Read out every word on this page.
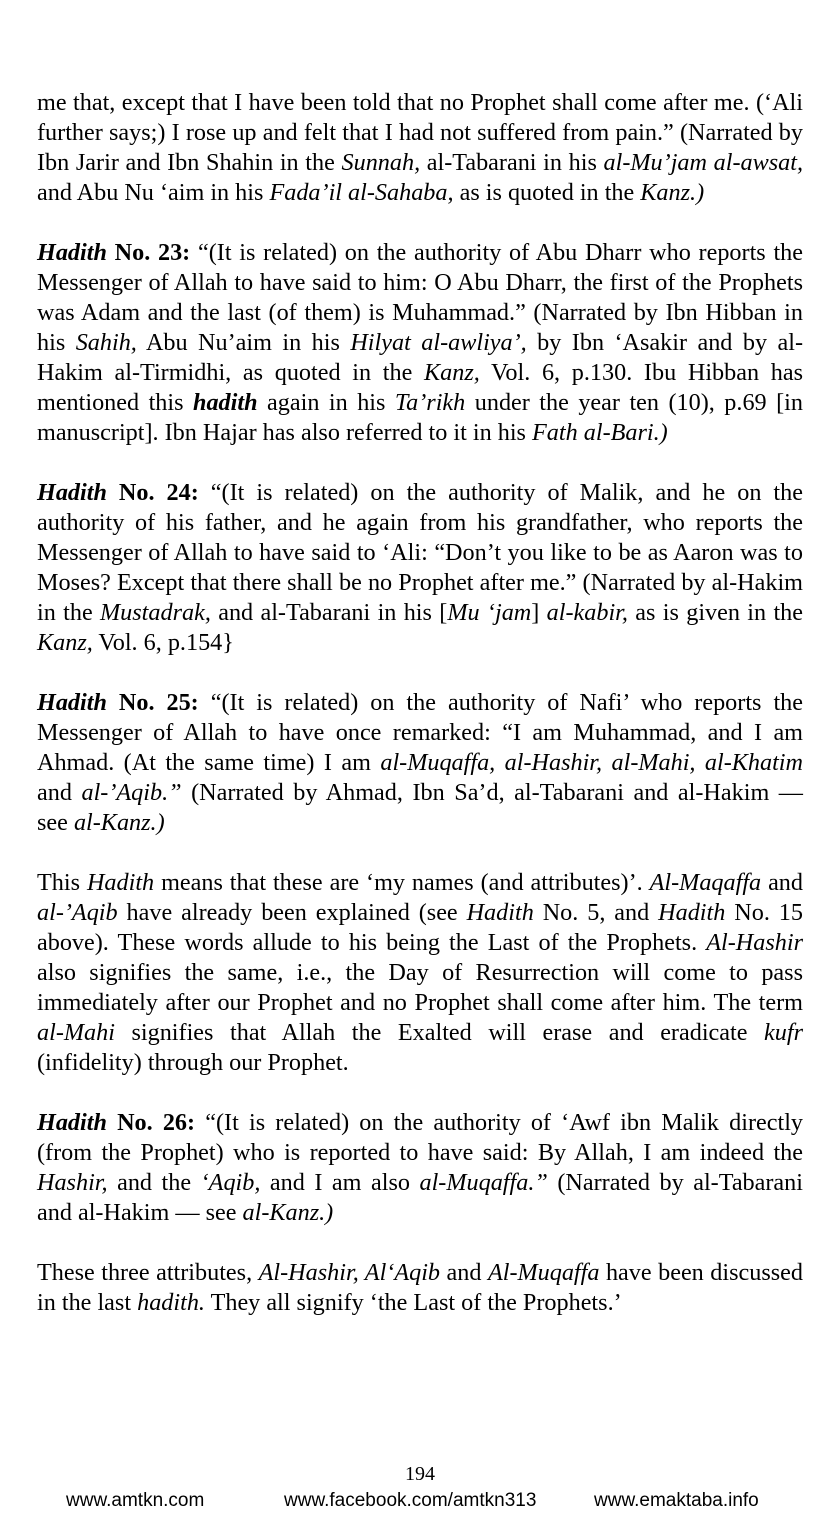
me that, except that I have been told that no Prophet shall come after me. (‘Ali further says;) I rose up and felt that I had not suffered from pain.” (Narrated by Ibn Jarir and Ibn Shahin in the Sunnah, al-Tabarani in his al-Mu’jam al-awsat, and Abu Nu ‘aim in his Fada’il al-Sahaba, as is quoted in the Kanz.)

Hadith No. 23: “(It is related) on the authority of Abu Dharr who reports the Messenger of Allah to have said to him: O Abu Dharr, the first of the Prophets was Adam and the last (of them) is Muhammad.” (Narrated by Ibn Hibban in his Sahih, Abu Nu’aim in his Hilyat al-awliya’, by Ibn ‘Asakir and by al-Hakim al-Tirmidhi, as quoted in the Kanz, Vol. 6, p.130. Ibu Hibban has mentioned this hadith again in his Ta’rikh under the year ten (10), p.69 [in manuscript]. Ibn Hajar has also referred to it in his Fath al-Bari.)

Hadith No. 24: “(It is related) on the authority of Malik, and he on the authority of his father, and he again from his grandfather, who reports the Messenger of Allah to have said to ‘Ali: “Don’t you like to be as Aaron was to Moses? Except that there shall be no Prophet after me.” (Narrated by al-Hakim in the Mustadrak, and al-Tabarani in his [Mu ‘jam] al-kabir, as is given in the Kanz, Vol. 6, p.154}

Hadith No. 25: “(It is related) on the authority of Nafi’ who reports the Messenger of Allah to have once remarked: “I am Muhammad, and I am Ahmad. (At the same time) I am al-Muqaffa, al-Hashir, al-Mahi, al-Khatim and al-’Aqib.” (Narrated by Ahmad, Ibn Sa’d, al-Tabarani and al-Hakim — see al-Kanz.)

This Hadith means that these are ‘my names (and attributes)’. Al-Maqaffa and al-’Aqib have already been explained (see Hadith No. 5, and Hadith No. 15 above). These words allude to his being the Last of the Prophets. Al-Hashir also signifies the same, i.e., the Day of Resurrection will come to pass immediately after our Prophet and no Prophet shall come after him. The term al-Mahi signifies that Allah the Exalted will erase and eradicate kufr (infidelity) through our Prophet.

Hadith No. 26: “(It is related) on the authority of ‘Awf ibn Malik directly (from the Prophet) who is reported to have said: By Allah, I am indeed the Hashir, and the ‘Aqib, and I am also al-Muqaffa.” (Narrated by al-Tabarani and al-Hakim — see al-Kanz.)

These three attributes, Al-Hashir, Al‘Aqib and Al-Muqaffa have been discussed in the last hadith. They all signify ‘the Last of the Prophets.’

194
www.amtkn.com	www.facebook.com/amtkn313	www.emaktaba.info
